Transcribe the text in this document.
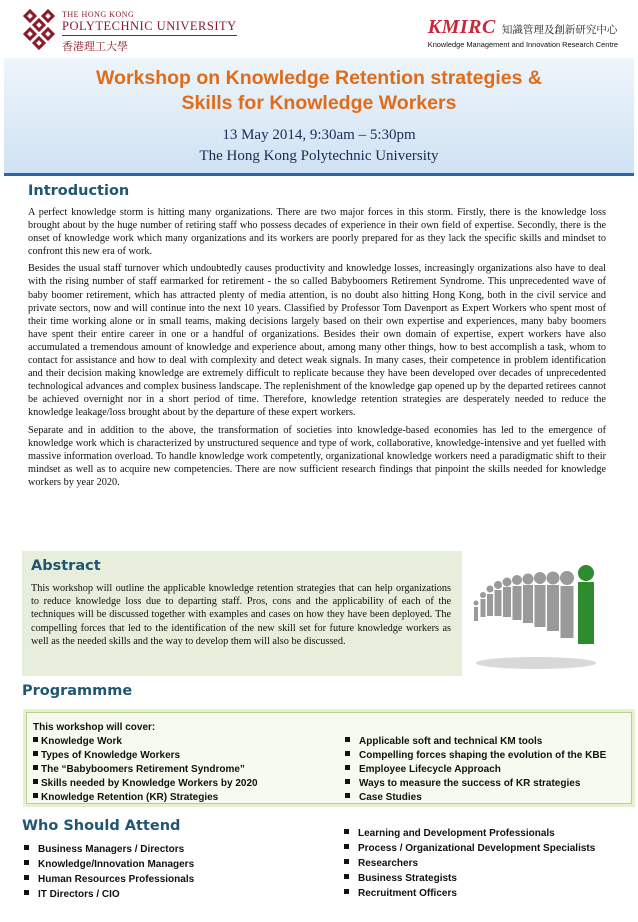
THE HONG KONG
POLYTECHNIC UNIVERSITY
香港理工大學
KMIRC 知識管理及創新研究中心
Knowledge Management and Innovation Research Centre
Workshop on Knowledge Retention strategies &
Skills for Knowledge Workers
13 May 2014, 9:30am – 5:30pm
The Hong Kong Polytechnic University
Introduction

A perfect knowledge storm is hitting many organizations. There are two major forces in this storm. Firstly, there is the knowledge loss brought about by the huge number of retiring staff who possess decades of experience in their own field of expertise. Secondly, there is the onset of knowledge work which many organizations and its workers are poorly prepared for as they lack the specific skills and mindset to confront this new era of work.

Besides the usual staff turnover which undoubtedly causes productivity and knowledge losses, increasingly organizations also have to deal with the rising number of staff earmarked for retirement - the so called Babyboomers Retirement Syndrome. This unprecedented wave of baby boomer retirement, which has attracted plenty of media attention, is no doubt also hitting Hong Kong, both in the civil service and private sectors, now and will continue into the next 10 years. Classified by Professor Tom Davenport as Expert Workers who spent most of their time working alone or in small teams, making decisions largely based on their own expertise and experiences, many baby boomers have spent their entire career in one or a handful of organizations. Besides their own domain of expertise, expert workers have also accumulated a tremendous amount of knowledge and experience about, among many other things, how to best accomplish a task, whom to contact for assistance and how to deal with complexity and detect weak signals. In many cases, their competence in problem identification and their decision making knowledge are extremely difficult to replicate because they have been developed over decades of unprecedented technological advances and complex business landscape. The replenishment of the knowledge gap opened up by the departed retirees cannot be achieved overnight nor in a short period of time. Therefore, knowledge retention strategies are desperately needed to reduce the knowledge leakage/loss brought about by the departure of these expert workers.

Separate and in addition to the above, the transformation of societies into knowledge-based economies has led to the emergence of knowledge work which is characterized by unstructured sequence and type of work, collaborative, knowledge-intensive and yet fuelled with massive information overload. To handle knowledge work competently, organizational knowledge workers need a paradigmatic shift to their mindset as well as to acquire new competencies. There are now sufficient research findings that pinpoint the skills needed for knowledge workers by year 2020.

Abstract
This workshop will outline the applicable knowledge retention strategies that can help organizations to reduce knowledge loss due to departing staff. Pros, cons and the applicability of each of the techniques will be discussed together with examples and cases on how they have been deployed. The compelling forces that led to the identification of the new skill set for future knowledge workers as well as the needed skills and the way to develop them will also be discussed.
Programmme
This workshop will cover:
Knowledge Work
Types of Knowledge Workers
The “Babyboomers Retirement Syndrome”
Skills needed by Knowledge Workers by 2020
Knowledge Retention (KR) Strategies
Applicable soft and technical KM tools
Compelling forces shaping the evolution of the KBE
Employee Lifecycle Approach
Ways to measure the success of KR strategies
Case Studies
Who Should Attend
Business Managers / Directors
Knowledge/Innovation Managers
Human Resources Professionals
IT Directors / CIO
Learning and Development Professionals
Process / Organizational Development Specialists
Researchers
Business Strategists
Recruitment Officers
